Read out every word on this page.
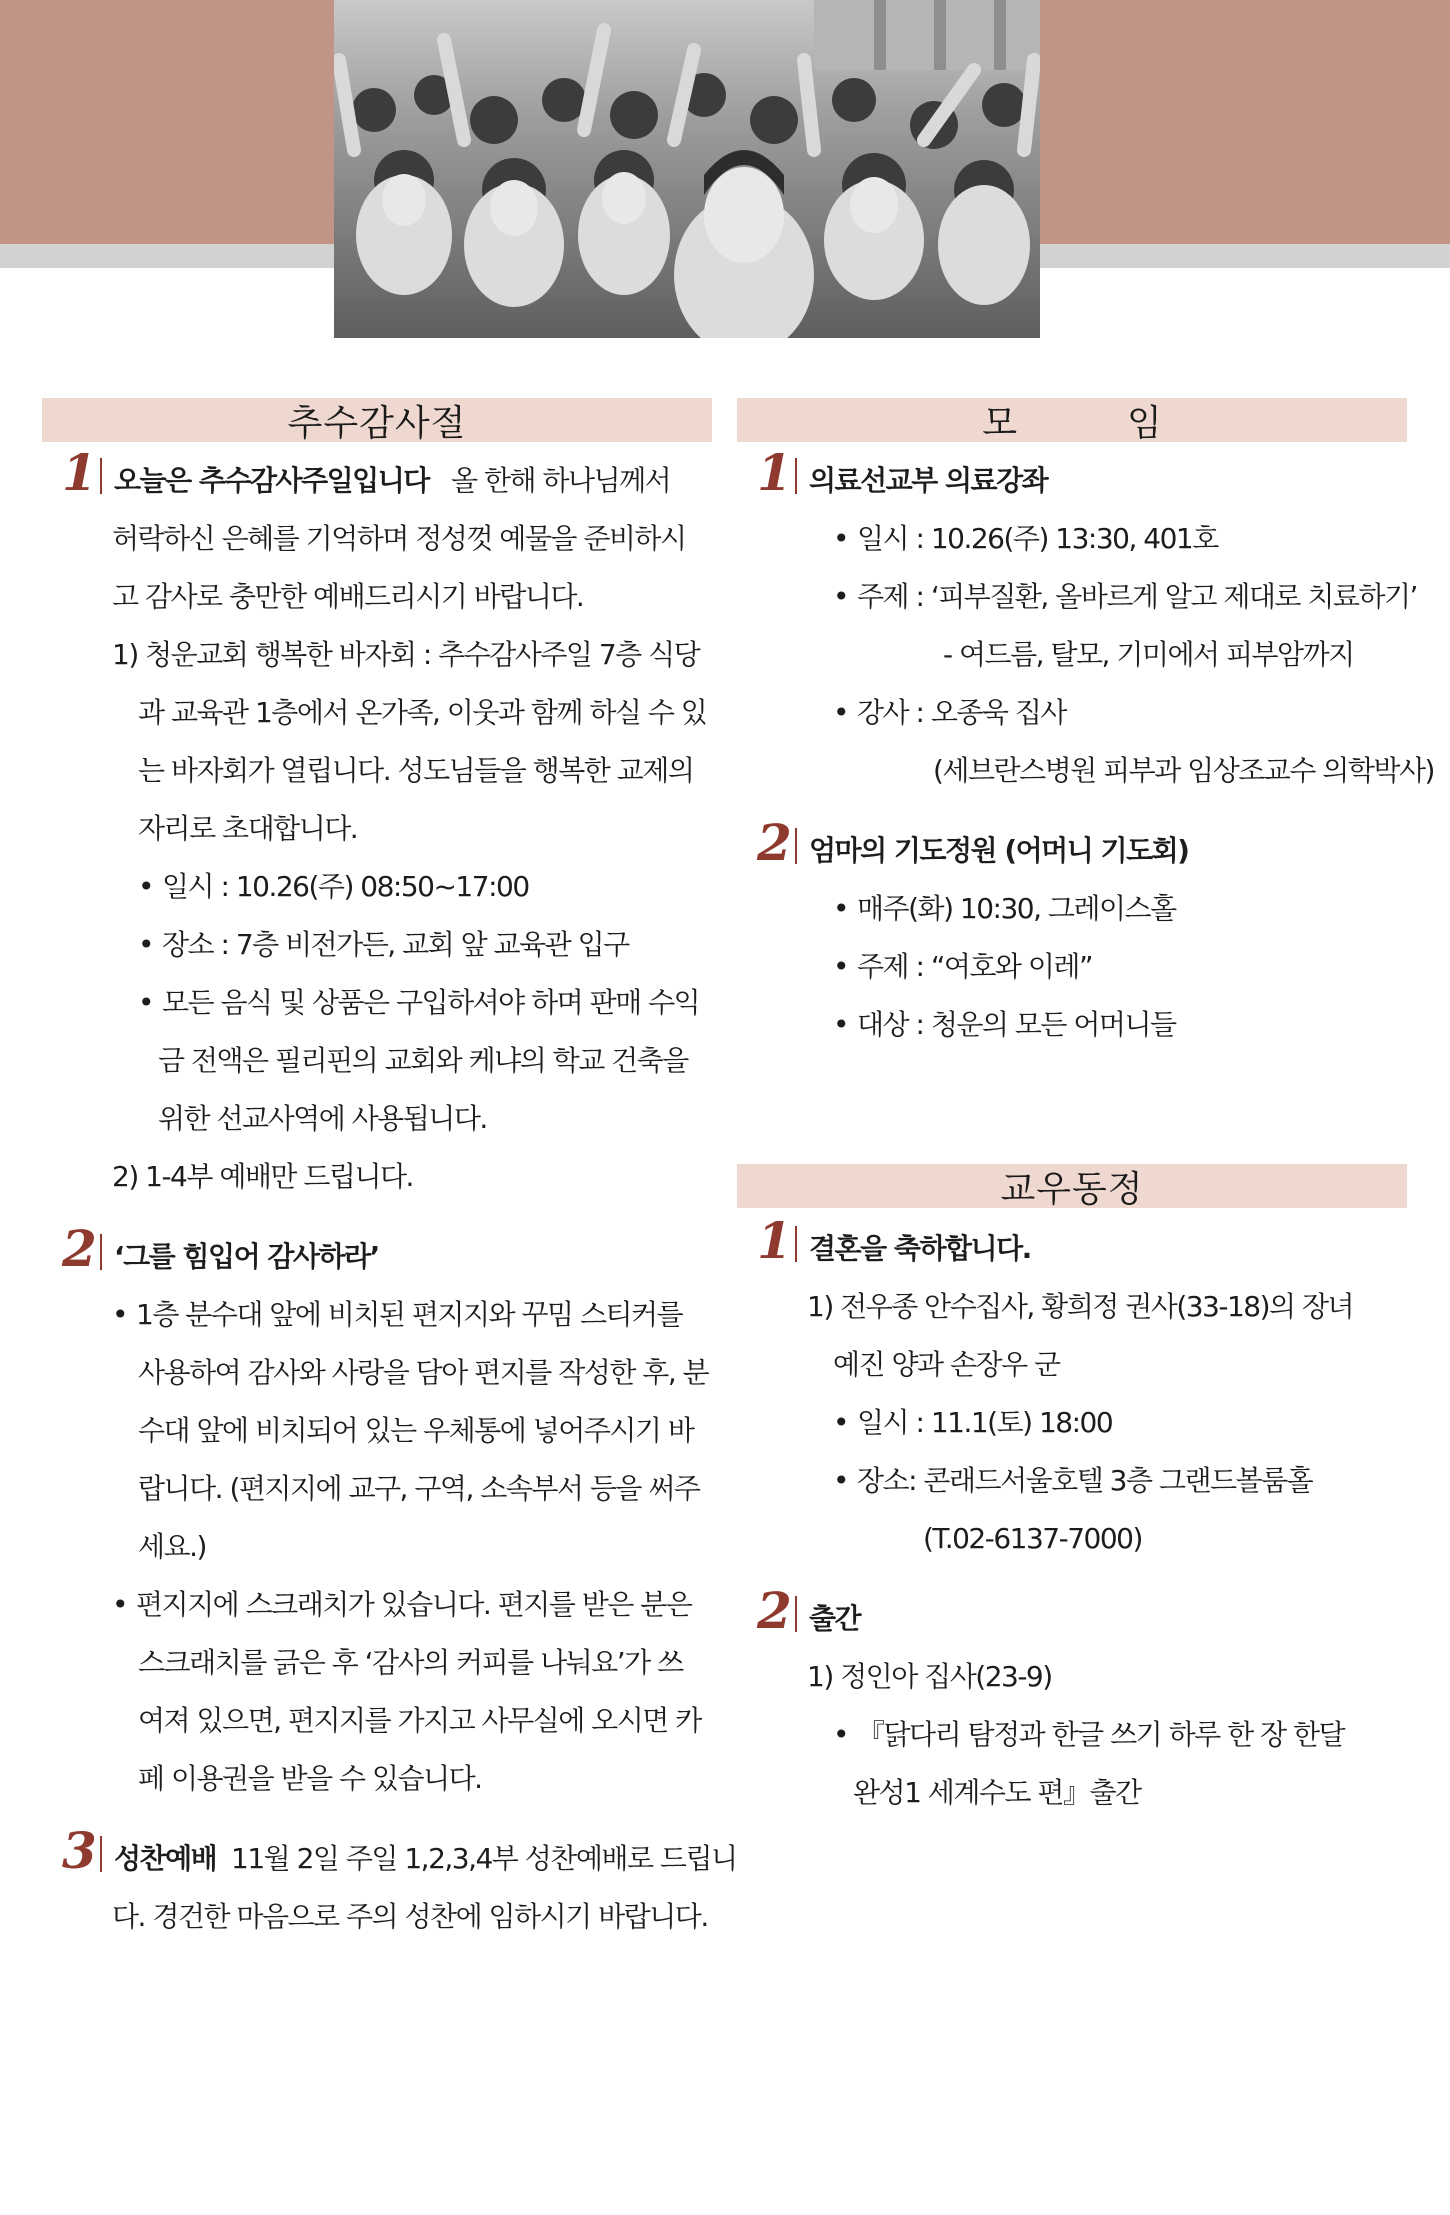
추수감사절
1 오늘은 추수감사주일입니다 올 한해 하나님께서
허락하신 은혜를 기억하며 정성껏 예물을 준비하시
고 감사로 충만한 예배드리시기 바랍니다.
1) 청운교회 행복한 바자회 : 추수감사주일 7층 식당
과 교육관 1층에서 온가족, 이웃과 함께 하실 수 있
는 바자회가 열립니다. 성도님들을 행복한 교제의
자리로 초대합니다.
• 일시 : 10.26(주) 08:50~17:00
• 장소 : 7층 비전가든, 교회 앞 교육관 입구
• 모든 음식 및 상품은 구입하셔야 하며 판매 수익
금 전액은 필리핀의 교회와 케냐의 학교 건축을
위한 선교사역에 사용됩니다.
2) 1-4부 예배만 드립니다.
2 ‘그를 힘입어 감사하라’
• 1층 분수대 앞에 비치된 편지지와 꾸밈 스티커를
사용하여 감사와 사랑을 담아 편지를 작성한 후, 분
수대 앞에 비치되어 있는 우체통에 넣어주시기 바
랍니다. (편지지에 교구, 구역, 소속부서 등을 써주
세요.)
• 편지지에 스크래치가 있습니다. 편지를 받은 분은
스크래치를 긁은 후 ‘감사의 커피를 나눠요’가 쓰
여져 있으면, 편지지를 가지고 사무실에 오시면 카
페 이용권을 받을 수 있습니다.
3 성찬예배 11월 2일 주일 1,2,3,4부 성찬예배로 드립니
다. 경건한 마음으로 주의 성찬에 임하시기 바랍니다.
모	임
1 의료선교부 의료강좌
• 일시 : 10.26(주) 13:30, 401호
• 주제 : ‘피부질환, 올바르게 알고 제대로 치료하기’
- 여드름, 탈모, 기미에서 피부암까지
• 강사 : 오종욱 집사
(세브란스병원 피부과 임상조교수 의학박사)
2 엄마의 기도정원 (어머니 기도회)
• 매주(화) 10:30, 그레이스홀
• 주제 : “여호와 이레”
• 대상 : 청운의 모든 어머니들
교우동정
1 결혼을 축하합니다.
1) 전우종 안수집사, 황희정 권사(33-18)의 장녀
예진 양과 손장우 군
• 일시 : 11.1(토) 18:00
• 장소: 콘래드서울호텔 3층 그랜드볼룸홀
(T.02-6137-7000)
2 출간
1) 정인아 집사(23-9)
• 『닭다리 탐정과 한글 쓰기 하루 한 장 한달
완성1 세계수도 편』출간
